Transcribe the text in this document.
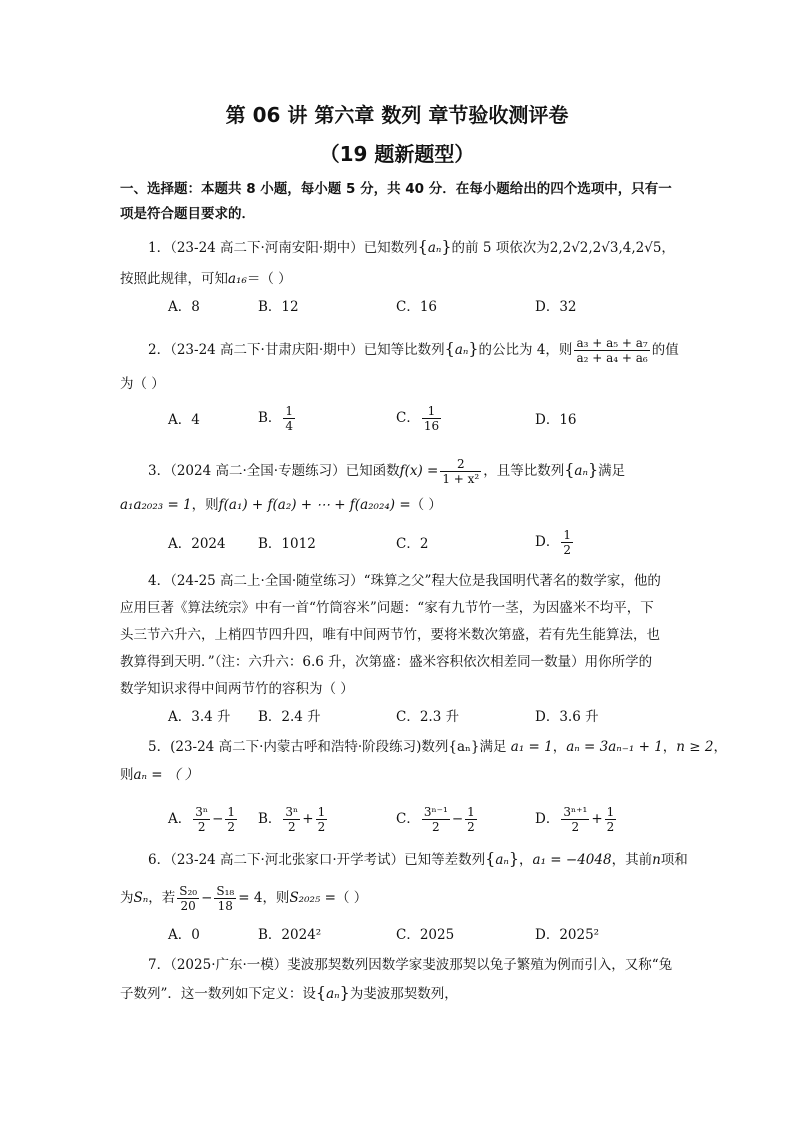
第 06 讲 第六章 数列 章节验收测评卷
（19 题新题型）
一、选择题：本题共 8 小题，每小题 5 分，共 40 分．在每小题给出的四个选项中，只有一
项是符合题目要求的．
1．（23-24 高二下·河南安阳·期中）已知数列{aₙ}的前 5 项依次为2,2√2,2√3,4,2√5，
按照此规律，可知a₁₆＝（ ）
A．8	B．12	C．16	D．32
2．（23-24 高二下·甘肃庆阳·期中）已知等比数列{aₙ}的公比为 4，则 $\frac{\text{a₃ + a₅ + a₇}}{\text{a₂ + a₄ + a₆}}$ 的值
为（ ）
A．4	B． $\frac{1}{4}$	C． $\frac{1}{16}$	D．16
3．（2024 高二·全国·专题练习）已知函数$f(x) = \frac{2}{\text{1 + x²}}$ ，且等比数列{aₙ}满足
a₁a₂₀₂₃ = 1，则f(a₁) + f(a₂) + ⋯ + f(a₂₀₂₄) =（ ）
A．2024 B．1012	C．2	D． $\frac{1}{2}$
4．（24-25 高二上·全国·随堂练习）“珠算之父”程大位是我国明代著名的数学家，他的
应用巨著《算法统宗》中有一首“竹筒容米”问题：“家有九节竹一茎，为因盛米不均平，下
头三节六升六，上梢四节四升四，唯有中间两节竹，要将米数次第盛，若有先生能算法，也
教算得到天明．”（注：六升六：6.6 升，次第盛：盛米容积依次相差同一数量）用你所学的
数学知识求得中间两节竹的容积为（ ）
A．3.4 升 B．2.4 升	C．2.3 升	D．3.6 升
5．(23-24 高二下·内蒙古呼和浩特·阶段练习)数列{aₙ}满足 a₁ = 1，aₙ = 3aₙ₋₁ + 1，n ≥ 2，
则aₙ = （ ）
A． $\frac{\text{3ⁿ}}{2} - \frac{1}{2}$ B． $\frac{\text{3ⁿ}}{2} + \frac{1}{2}$	C． $\frac{\text{3ⁿ⁻¹}}{2} - \frac{1}{2}$	D． $\frac{\text{3ⁿ⁺¹}}{2} + \frac{1}{2}$
6．（23-24 高二下·河北张家口·开学考试）已知等差数列{aₙ}，a₁ = −4048，其前n项和
为Sₙ，若 $\frac{\text{S₂₀}}{20} - \frac{\text{S₁₈}}{18} = 4$，则S₂₀₂₅ =（ ）
A．0	B．2024²	C．2025	D．2025²
7．（2025·广东·一模）斐波那契数列因数学家斐波那契以兔子繁殖为例而引入，又称“兔
子数列”．这一数列如下定义：设{aₙ}为斐波那契数列，
